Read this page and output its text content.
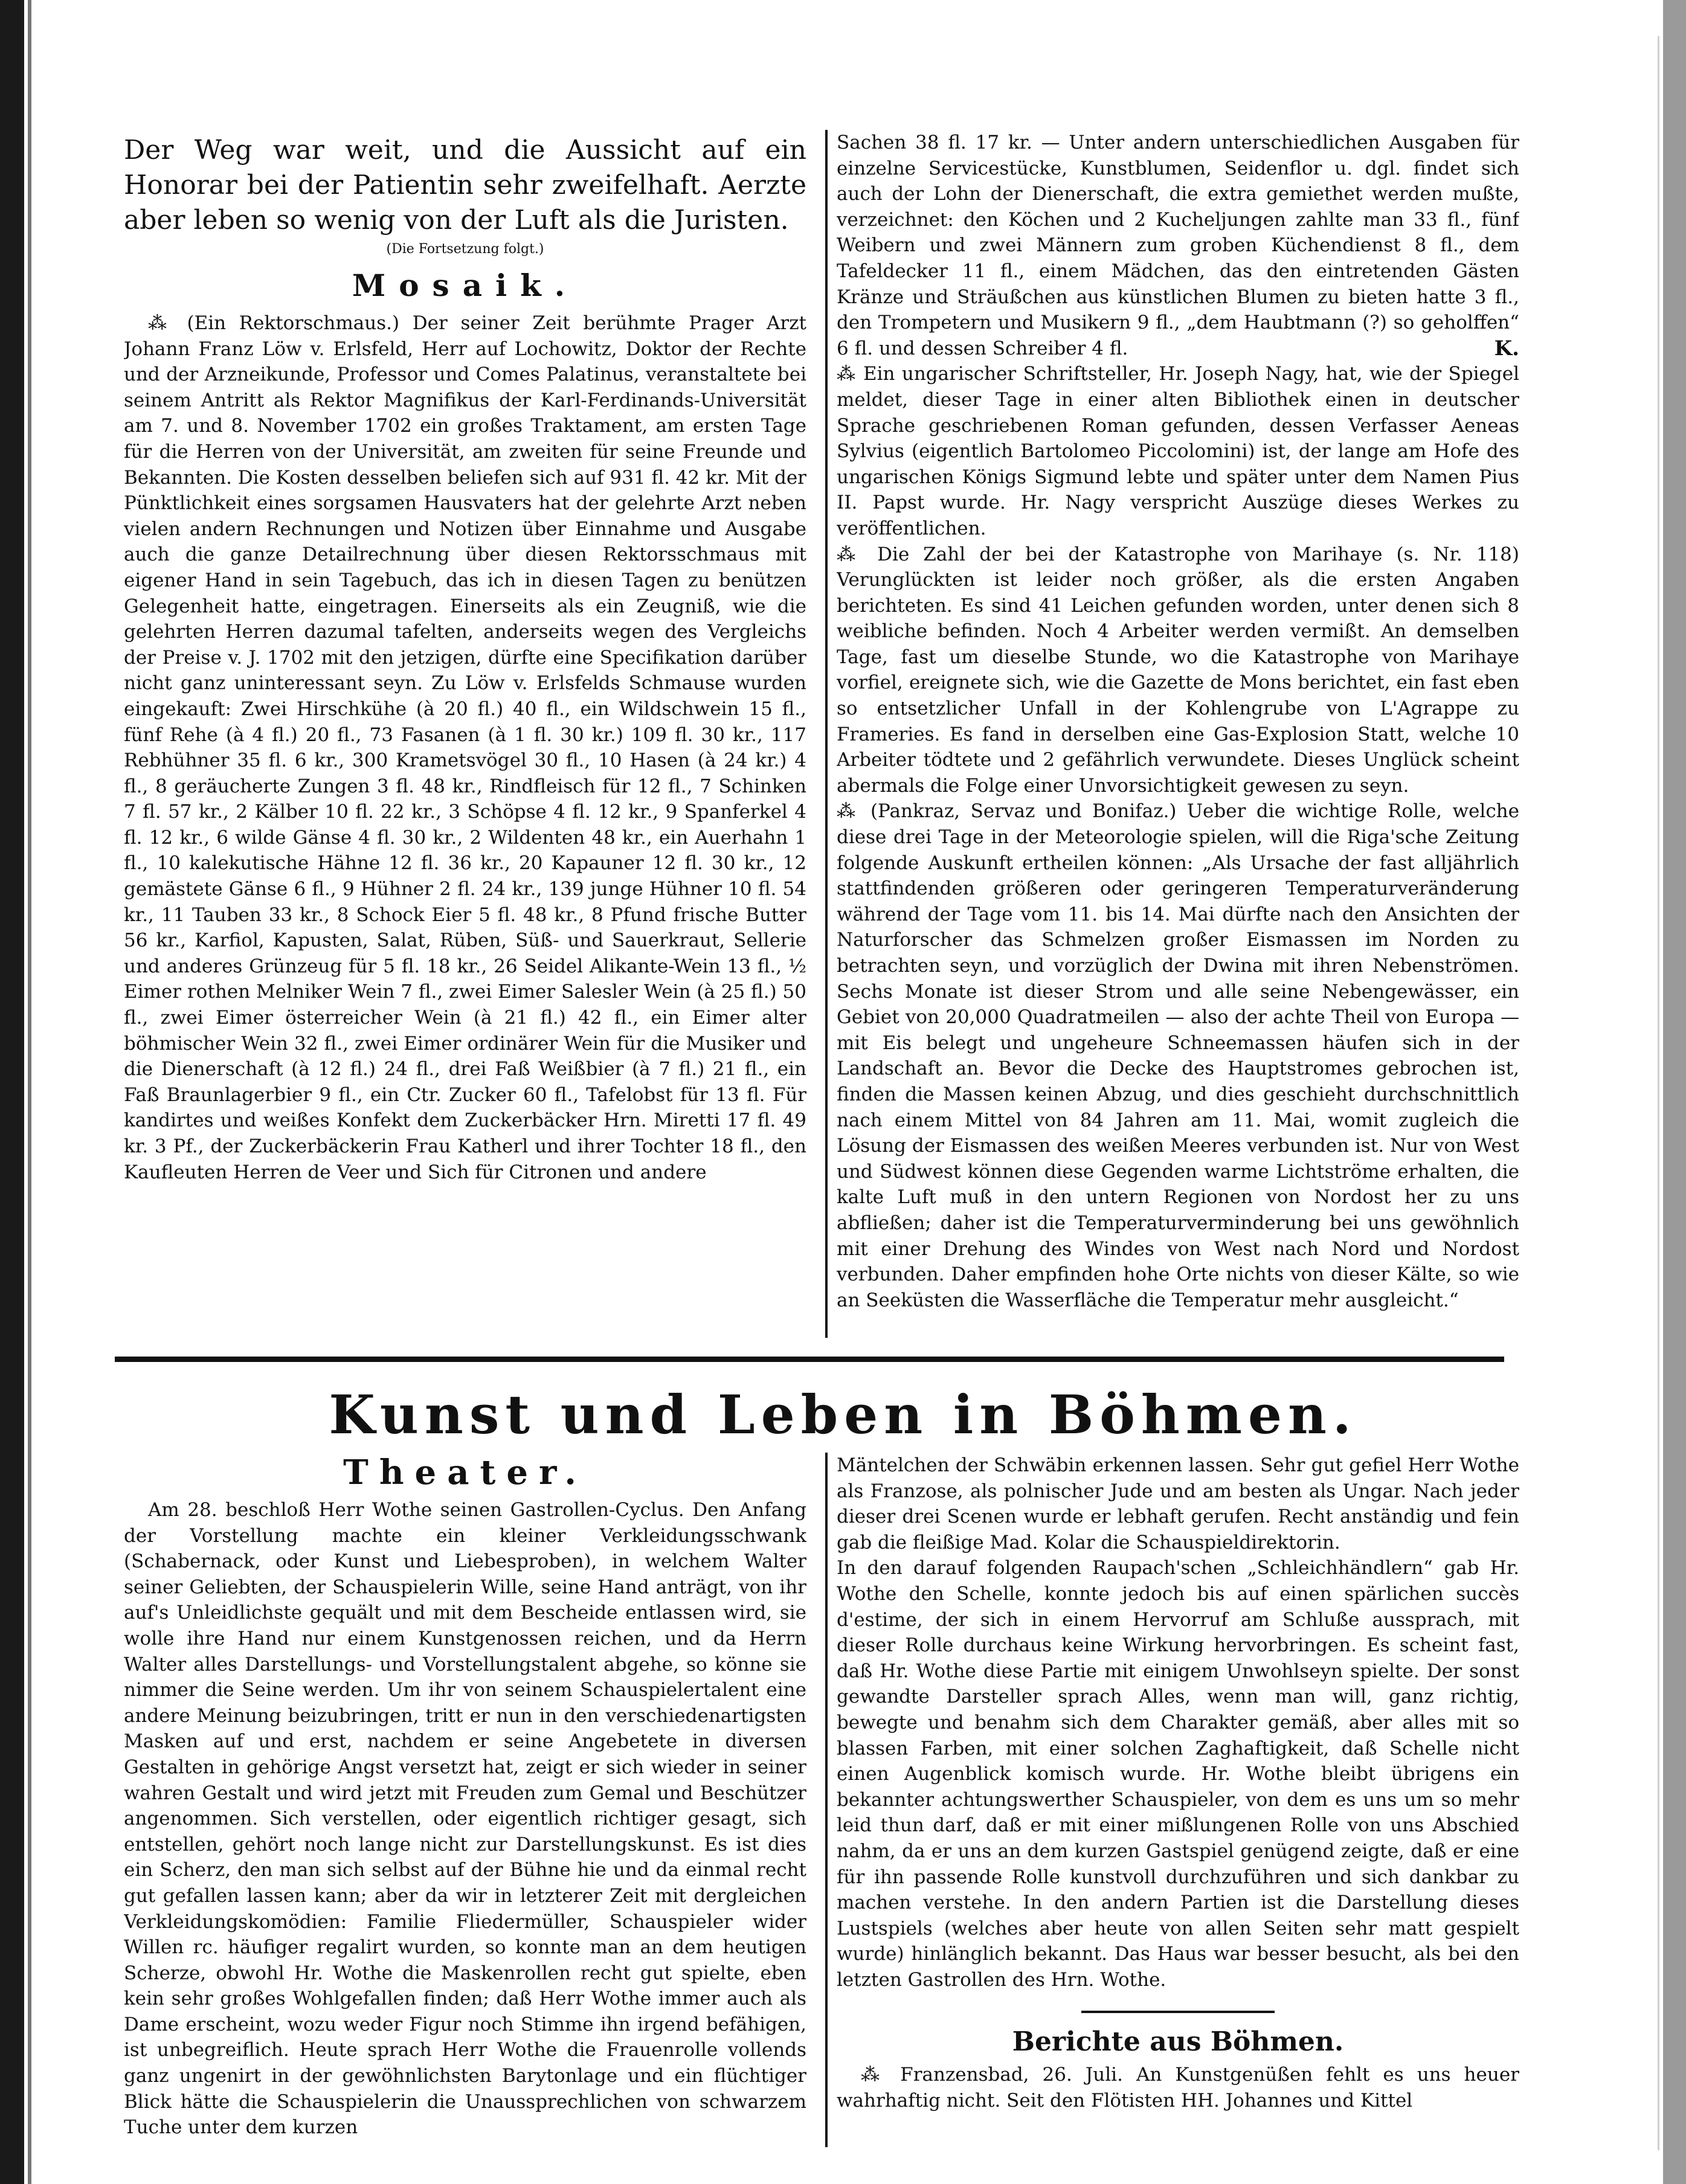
Der Weg war weit, und die Aussicht auf ein Honorar bei der Patientin sehr zweifelhaft. Aerzte aber leben so wenig von der Luft als die Juristen.

(Die Fortsetzung folgt.)
Mosaik.

⁂ (Ein Rektorschmaus.) Der seiner Zeit berühmte Prager Arzt Johann Franz Löw v. Erlsfeld, Herr auf Lochowitz, Doktor der Rechte und der Arzneikunde, Professor und Comes Palatinus, veranstaltete bei seinem Antritt als Rektor Magnifikus der Karl-Ferdinands-Universität am 7. und 8. November 1702 ein großes Traktament, am ersten Tage für die Herren von der Universität, am zweiten für seine Freunde und Bekannten. Die Kosten desselben beliefen sich auf 931 fl. 42 kr. Mit der Pünktlichkeit eines sorgsamen Hausvaters hat der gelehrte Arzt neben vielen andern Rechnungen und Notizen über Einnahme und Ausgabe auch die ganze Detailrechnung über diesen Rektorsschmaus mit eigener Hand in sein Tagebuch, das ich in diesen Tagen zu benützen Gelegenheit hatte, eingetragen. Einerseits als ein Zeugniß, wie die gelehrten Herren dazumal tafelten, anderseits wegen des Vergleichs der Preise v. J. 1702 mit den jetzigen, dürfte eine Specifikation darüber nicht ganz uninteressant seyn. Zu Löw v. Erlsfelds Schmause wurden eingekauft: Zwei Hirschkühe (à 20 fl.) 40 fl., ein Wildschwein 15 fl., fünf Rehe (à 4 fl.) 20 fl., 73 Fasanen (à 1 fl. 30 kr.) 109 fl. 30 kr., 117 Rebhühner 35 fl. 6 kr., 300 Krametsvögel 30 fl., 10 Hasen (à 24 kr.) 4 fl., 8 geräucherte Zungen 3 fl. 48 kr., Rindfleisch für 12 fl., 7 Schinken 7 fl. 57 kr., 2 Kälber 10 fl. 22 kr., 3 Schöpse 4 fl. 12 kr., 9 Spanferkel 4 fl. 12 kr., 6 wilde Gänse 4 fl. 30 kr., 2 Wildenten 48 kr., ein Auerhahn 1 fl., 10 kalekutische Hähne 12 fl. 36 kr., 20 Kapauner 12 fl. 30 kr., 12 gemästete Gänse 6 fl., 9 Hühner 2 fl. 24 kr., 139 junge Hühner 10 fl. 54 kr., 11 Tauben 33 kr., 8 Schock Eier 5 fl. 48 kr., 8 Pfund frische Butter 56 kr., Karfiol, Kapusten, Salat, Rüben, Süß- und Sauerkraut, Sellerie und anderes Grünzeug für 5 fl. 18 kr., 26 Seidel Alikante-Wein 13 fl., ½ Eimer rothen Melniker Wein 7 fl., zwei Eimer Salesler Wein (à 25 fl.) 50 fl., zwei Eimer österreicher Wein (à 21 fl.) 42 fl., ein Eimer alter böhmischer Wein 32 fl., zwei Eimer ordinärer Wein für die Musiker und die Dienerschaft (à 12 fl.) 24 fl., drei Faß Weißbier (à 7 fl.) 21 fl., ein Faß Braunlagerbier 9 fl., ein Ctr. Zucker 60 fl., Tafelobst für 13 fl. Für kandirtes und weißes Konfekt dem Zuckerbäcker Hrn. Miretti 17 fl. 49 kr. 3 Pf., der Zuckerbäckerin Frau Katherl und ihrer Tochter 18 fl., den Kaufleuten Herren de Veer und Sich für Citronen und andere

Sachen 38 fl. 17 kr. — Unter andern unterschiedlichen Ausgaben für einzelne Servicestücke, Kunstblumen, Seidenflor u. dgl. findet sich auch der Lohn der Dienerschaft, die extra gemiethet werden mußte, verzeichnet: den Köchen und 2 Kucheljungen zahlte man 33 fl., fünf Weibern und zwei Männern zum groben Küchendienst 8 fl., dem Tafeldecker 11 fl., einem Mädchen, das den eintretenden Gästen Kränze und Sträußchen aus künstlichen Blumen zu bieten hatte 3 fl., den Trompetern und Musikern 9 fl., „dem Haubtmann (?) so geholffen“ 6 fl. und dessen Schreiber 4 fl.	K.

⁂ Ein ungarischer Schriftsteller, Hr. Joseph Nagy, hat, wie der Spiegel meldet, dieser Tage in einer alten Bibliothek einen in deutscher Sprache geschriebenen Roman gefunden, dessen Verfasser Aeneas Sylvius (eigentlich Bartolomeo Piccolomini) ist, der lange am Hofe des ungarischen Königs Sigmund lebte und später unter dem Namen Pius II. Papst wurde. Hr. Nagy verspricht Auszüge dieses Werkes zu veröffentlichen.

⁂ Die Zahl der bei der Katastrophe von Marihaye (s. Nr. 118) Verunglückten ist leider noch größer, als die ersten Angaben berichteten. Es sind 41 Leichen gefunden worden, unter denen sich 8 weibliche befinden. Noch 4 Arbeiter werden vermißt. An demselben Tage, fast um dieselbe Stunde, wo die Katastrophe von Marihaye vorfiel, ereignete sich, wie die Gazette de Mons berichtet, ein fast eben so entsetzlicher Unfall in der Kohlengrube von L'Agrappe zu Frameries. Es fand in derselben eine Gas-Explosion Statt, welche 10 Arbeiter tödtete und 2 gefährlich verwundete. Dieses Unglück scheint abermals die Folge einer Unvorsichtigkeit gewesen zu seyn.

⁂ (Pankraz, Servaz und Bonifaz.) Ueber die wichtige Rolle, welche diese drei Tage in der Meteorologie spielen, will die Riga'sche Zeitung folgende Auskunft ertheilen können: „Als Ursache der fast alljährlich stattfindenden größeren oder geringeren Temperaturveränderung während der Tage vom 11. bis 14. Mai dürfte nach den Ansichten der Naturforscher das Schmelzen großer Eismassen im Norden zu betrachten seyn, und vorzüglich der Dwina mit ihren Nebenströmen. Sechs Monate ist dieser Strom und alle seine Nebengewässer, ein Gebiet von 20,000 Quadratmeilen — also der achte Theil von Europa — mit Eis belegt und ungeheure Schneemassen häufen sich in der Landschaft an. Bevor die Decke des Hauptstromes gebrochen ist, finden die Massen keinen Abzug, und dies geschieht durchschnittlich nach einem Mittel von 84 Jahren am 11. Mai, womit zugleich die Lösung der Eismassen des weißen Meeres verbunden ist. Nur von West und Südwest können diese Gegenden warme Lichtströme erhalten, die kalte Luft muß in den untern Regionen von Nordost her zu uns abfließen; daher ist die Temperaturverminderung bei uns gewöhnlich mit einer Drehung des Windes von West nach Nord und Nordost verbunden. Daher empfinden hohe Orte nichts von dieser Kälte, so wie an Seeküsten die Wasserfläche die Temperatur mehr ausgleicht.“

Kunst und Leben in Böhmen.
Theater.

Am 28. beschloß Herr Wothe seinen Gastrollen-Cyclus. Den Anfang der Vorstellung machte ein kleiner Verkleidungsschwank (Schabernack, oder Kunst und Liebesproben), in welchem Walter seiner Geliebten, der Schauspielerin Wille, seine Hand anträgt, von ihr auf's Unleidlichste gequält und mit dem Bescheide entlassen wird, sie wolle ihre Hand nur einem Kunstgenossen reichen, und da Herrn Walter alles Darstellungs- und Vorstellungstalent abgehe, so könne sie nimmer die Seine werden. Um ihr von seinem Schauspielertalent eine andere Meinung beizubringen, tritt er nun in den verschiedenartigsten Masken auf und erst, nachdem er seine Angebetete in diversen Gestalten in gehörige Angst versetzt hat, zeigt er sich wieder in seiner wahren Gestalt und wird jetzt mit Freuden zum Gemal und Beschützer angenommen. Sich verstellen, oder eigentlich richtiger gesagt, sich entstellen, gehört noch lange nicht zur Darstellungskunst. Es ist dies ein Scherz, den man sich selbst auf der Bühne hie und da einmal recht gut gefallen lassen kann; aber da wir in letzterer Zeit mit dergleichen Verkleidungskomödien: Familie Fliedermüller, Schauspieler wider Willen rc. häufiger regalirt wurden, so konnte man an dem heutigen Scherze, obwohl Hr. Wothe die Maskenrollen recht gut spielte, eben kein sehr großes Wohlgefallen finden; daß Herr Wothe immer auch als Dame erscheint, wozu weder Figur noch Stimme ihn irgend befähigen, ist unbegreiflich. Heute sprach Herr Wothe die Frauenrolle vollends ganz ungenirt in der gewöhnlichsten Barytonlage und ein flüchtiger Blick hätte die Schauspielerin die Unaussprechlichen von schwarzem Tuche unter dem kurzen

Mäntelchen der Schwäbin erkennen lassen. Sehr gut gefiel Herr Wothe als Franzose, als polnischer Jude und am besten als Ungar. Nach jeder dieser drei Scenen wurde er lebhaft gerufen. Recht anständig und fein gab die fleißige Mad. Kolar die Schauspieldirektorin.

In den darauf folgenden Raupach'schen „Schleichhändlern“ gab Hr. Wothe den Schelle, konnte jedoch bis auf einen spärlichen succès d'estime, der sich in einem Hervorruf am Schluße aussprach, mit dieser Rolle durchaus keine Wirkung hervorbringen. Es scheint fast, daß Hr. Wothe diese Partie mit einigem Unwohlseyn spielte. Der sonst gewandte Darsteller sprach Alles, wenn man will, ganz richtig, bewegte und benahm sich dem Charakter gemäß, aber alles mit so blassen Farben, mit einer solchen Zaghaftigkeit, daß Schelle nicht einen Augenblick komisch wurde. Hr. Wothe bleibt übrigens ein bekannter achtungswerther Schauspieler, von dem es uns um so mehr leid thun darf, daß er mit einer mißlungenen Rolle von uns Abschied nahm, da er uns an dem kurzen Gastspiel genügend zeigte, daß er eine für ihn passende Rolle kunstvoll durchzuführen und sich dankbar zu machen verstehe. In den andern Partien ist die Darstellung dieses Lustspiels (welches aber heute von allen Seiten sehr matt gespielt wurde) hinlänglich bekannt. Das Haus war besser besucht, als bei den letzten Gastrollen des Hrn. Wothe.

Berichte aus Böhmen.

⁂ Franzensbad, 26. Juli. An Kunstgenüßen fehlt es uns heuer wahrhaftig nicht. Seit den Flötisten HH. Johannes und Kittel
